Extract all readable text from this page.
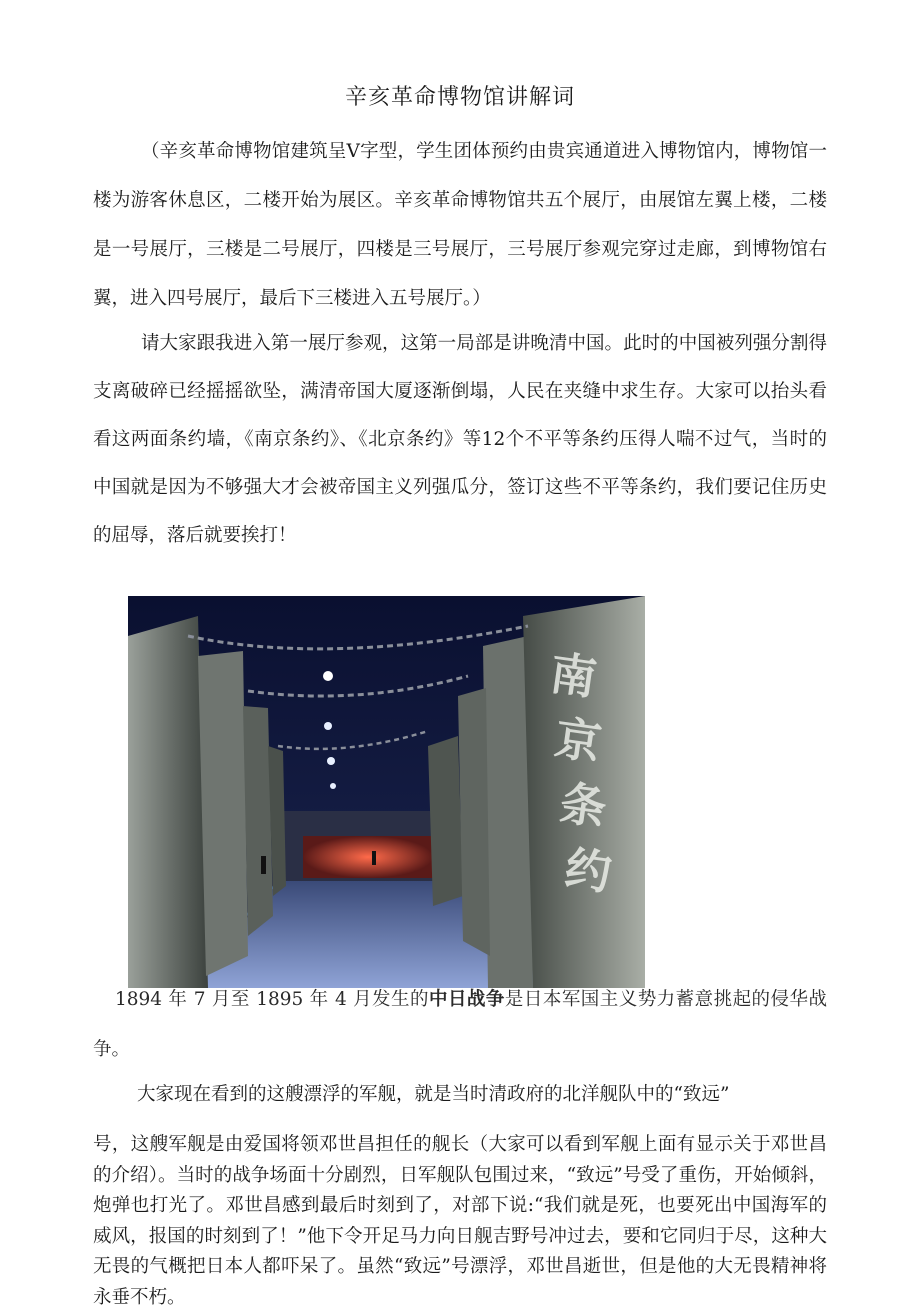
辛亥革命博物馆讲解词

（辛亥革命博物馆建筑呈V字型，学生团体预约由贵宾通道进入博物馆内，博物馆一楼为游客休息区，二楼开始为展区。辛亥革命博物馆共五个展厅，由展馆左翼上楼，二楼是一号展厅，三楼是二号展厅，四楼是三号展厅，三号展厅参观完穿过走廊，到博物馆右翼，进入四号展厅，最后下三楼进入五号展厅。）

请大家跟我进入第一展厅参观，这第一局部是讲晚清中国。此时的中国被列强分割得支离破碎已经摇摇欲坠，满清帝国大厦逐渐倒塌，人民在夹缝中求生存。大家可以抬头看看这两面条约墙，《南京条约》、《北京条约》等12个不平等条约压得人喘不过气，当时的中国就是因为不够强大才会被帝国主义列强瓜分，签订这些不平等条约，我们要记住历史的屈辱，落后就要挨打！

南
京
条
约

1894 年 7 月至 1895 年 4 月发生的中日战争是日本军国主义势力蓄意挑起的侵华战争。

大家现在看到的这艘漂浮的军舰，就是当时清政府的北洋舰队中的“致远”

号，这艘军舰是由爱国将领邓世昌担任的舰长（大家可以看到军舰上面有显示关于邓世昌的介绍）。当时的战争场面十分剧烈，日军舰队包围过来，“致远”号受了重伤，开始倾斜，炮弹也打光了。邓世昌感到最后时刻到了，对部下说:“我们就是死，也要死出中国海军的威风，报国的时刻到了！”他下令开足马力向日舰吉野号冲过去，要和它同归于尽，这种大无畏的气概把日本人都吓呆了。虽然“致远”号漂浮，邓世昌逝世，但是他的大无畏精神将永垂不朽。
